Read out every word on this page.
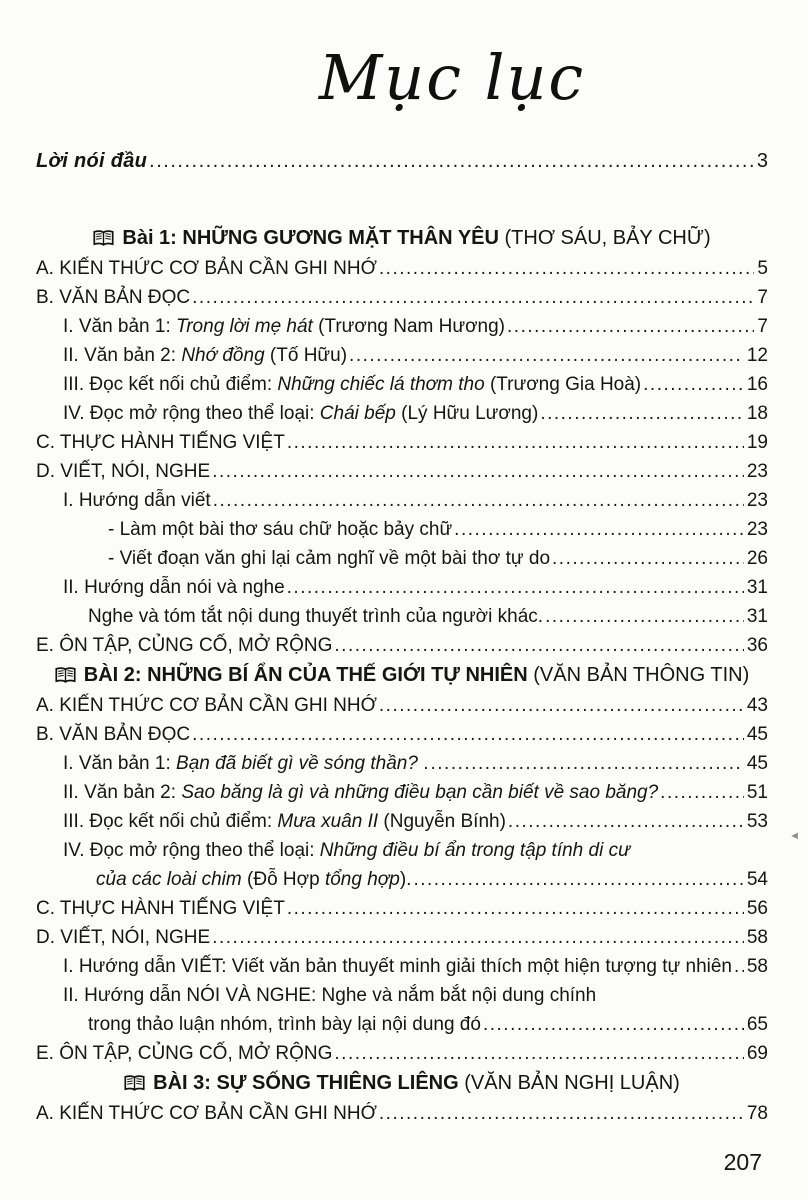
Mục lục
Lời nói đầu .....	3
Bài 1: NHỮNG GƯƠNG MẶT THÂN YÊU (THƠ SÁU, BẢY CHỮ)
A. KIẾN THỨC CƠ BẢN CẦN GHI NHỚ .....	5
B. VĂN BẢN ĐỌC .....	7
I. Văn bản 1: Trong lời mẹ hát (Trương Nam Hương) .....	7
II. Văn bản 2: Nhớ đồng (Tố Hữu) .....	12
III. Đọc kết nối chủ điểm: Những chiếc lá thơm tho (Trương Gia Hoà) .....	16
IV. Đọc mở rộng theo thể loại: Chái bếp (Lý Hữu Lương) .....	18
C. THỰC HÀNH TIẾNG VIỆT .....	19
D. VIẾT, NÓI, NGHE .....	23
I. Hướng dẫn viết .....	23
- Làm một bài thơ sáu chữ hoặc bảy chữ .....	23
- Viết đoạn văn ghi lại cảm nghĩ về một bài thơ tự do .....	26
II. Hướng dẫn nói và nghe .....	31
Nghe và tóm tắt nội dung thuyết trình của người khác. .....	31
E. ÔN TẬP, CỦNG CỐ, MỞ RỘNG .....	36
BÀI 2: NHỮNG BÍ ẨN CỦA THẾ GIỚI TỰ NHIÊN (VĂN BẢN THÔNG TIN)
A. KIẾN THỨC CƠ BẢN CẦN GHI NHỚ .....	43
B. VĂN BẢN ĐỌC .....	45
I. Văn bản 1: Bạn đã biết gì về sóng thần? . .....	45
II. Văn bản 2: Sao băng là gì và những điều bạn cần biết về sao băng? .....	51
III. Đọc kết nối chủ điểm: Mưa xuân II (Nguyễn Bính) .....	53
IV. Đọc mở rộng theo thể loại: Những điều bí ẩn trong tập tính di cư
của các loài chim (Đỗ Hợp tổng hợp). .....	54
C. THỰC HÀNH TIẾNG VIỆT .....	56
D. VIẾT, NÓI, NGHE .....	58
I. Hướng dẫn VIẾT: Viết văn bản thuyết minh giải thích một hiện tượng tự nhiên ..... 58
II. Hướng dẫn NÓI VÀ NGHE: Nghe và nắm bắt nội dung chính
trong thảo luận nhóm, trình bày lại nội dung đó .....	65
E. ÔN TẬP, CỦNG CỐ, MỞ RỘNG .....	69
BÀI 3: SỰ SỐNG THIÊNG LIÊNG (VĂN BẢN NGHỊ LUẬN)
A. KIẾN THỨC CƠ BẢN CẦN GHI NHỚ .....	78
◄
207
